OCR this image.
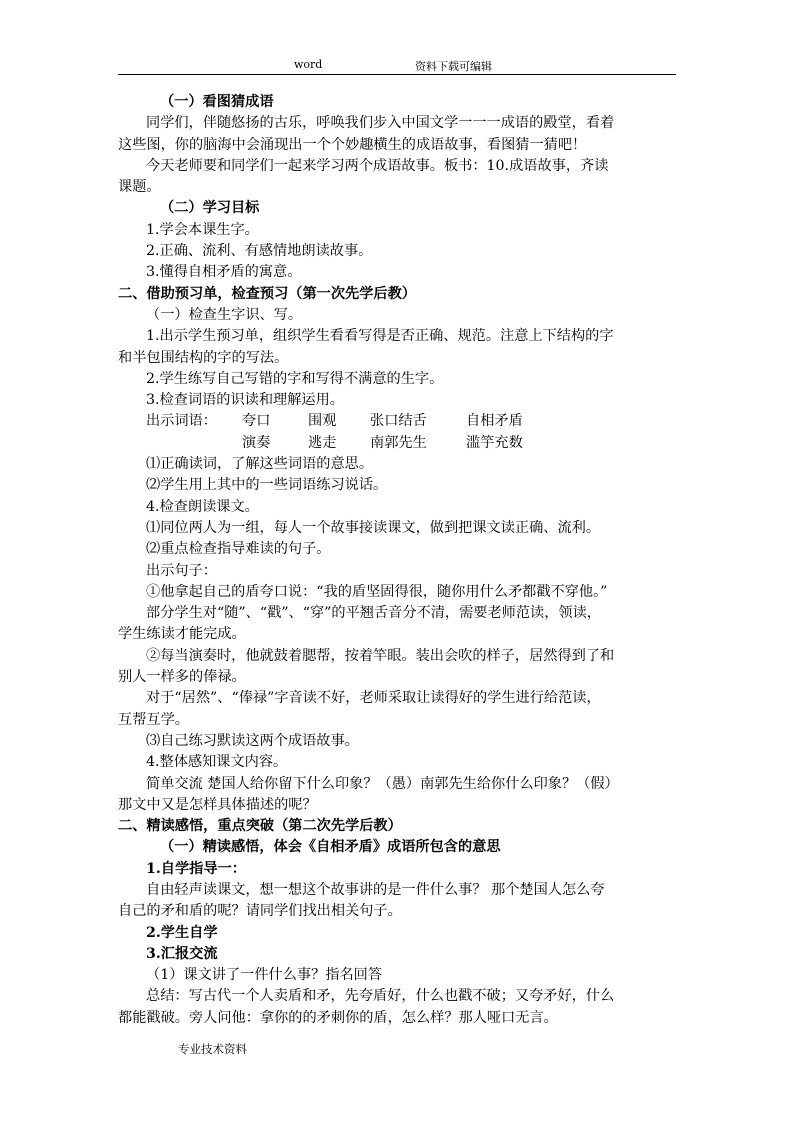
word	资料下载可编辑
（一）看图猜成语
同学们，伴随悠扬的古乐，呼唤我们步入中国文学一一一成语的殿堂，看着
这些图，你的脑海中会涌现出一个个妙趣横生的成语故事，看图猜一猜吧！
今天老师要和同学们一起来学习两个成语故事。板书：10.成语故事，齐读
课题。
（二）学习目标
1.学会本课生字。
2.正确、流利、有感情地朗读故事。
3.懂得自相矛盾的寓意。
二、借助预习单，检查预习（第一次先学后教）
（一）检查生字识、写。
1.出示学生预习单，组织学生看看写得是否正确、规范。注意上下结构的字
和半包围结构的字的写法。
2.学生练写自己写错的字和写得不满意的生字。
3.检查词语的识读和理解运用。
出示词语： 夸口	围观 张口结舌	自相矛盾
演奏	逃走 南郭先生	滥竽充数
⑴正确读词，了解这些词语的意思。
⑵学生用上其中的一些词语练习说话。
4.检查朗读课文。
⑴同位两人为一组，每人一个故事接读课文，做到把课文读正确、流利。
⑵重点检查指导难读的句子。
出示句子：
①他拿起自己的盾夸口说：“我的盾坚固得很，随你用什么矛都戳不穿他。”
部分学生对“随”、“戳”、“穿”的平翘舌音分不清，需要老师范读，领读，
学生练读才能完成。
②每当演奏时，他就鼓着腮帮，按着竿眼。装出会吹的样子，居然得到了和
别人一样多的俸禄。
对于“居然”、“俸禄”字音读不好，老师采取让读得好的学生进行给范读，
互帮互学。
⑶自己练习默读这两个成语故事。
4.整体感知课文内容。
简单交流 楚国人给你留下什么印象？（愚）南郭先生给你什么印象？（假）
那文中又是怎样具体描述的呢？
二、精读感悟，重点突破（第二次先学后教）
（一）精读感悟，体会《自相矛盾》成语所包含的意思
1.自学指导一：
自由轻声读课文，想一想这个故事讲的是一件什么事？ 那个楚国人怎么夸
自己的矛和盾的呢？请同学们找出相关句子。
2.学生自学
3.汇报交流
（1）课文讲了一件什么事？指名回答
总结：写古代一个人卖盾和矛，先夸盾好，什么也戳不破；又夸矛好，什么
都能戳破。旁人问他：拿你的的矛刺你的盾，怎么样？那人哑口无言。
专业技术资料
